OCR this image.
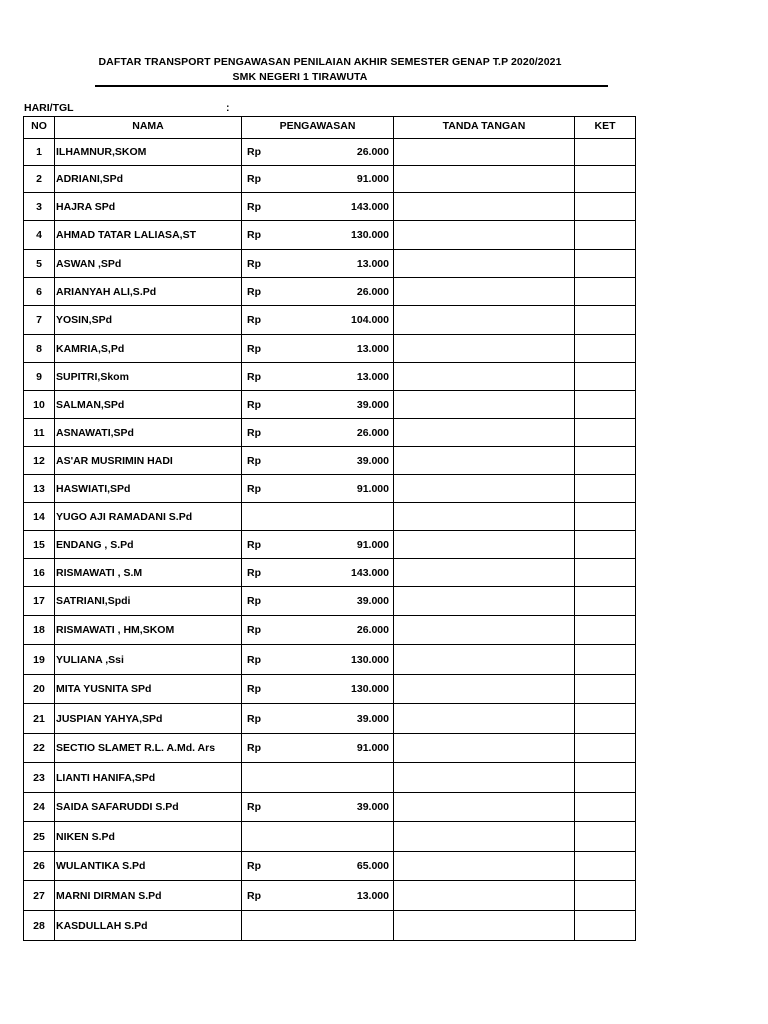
DAFTAR TRANSPORT PENGAWASAN PENILAIAN AKHIR SEMESTER GENAP T.P 2020/2021
SMK NEGERI 1 TIRAWUTA
HARI/TGL	:
NO	NAMA	PENGAWASAN	TANDA TANGAN	KET
1	ILHAMNUR,SKOM	Rp 26.000		

2	ADRIANI,SPd	Rp 91.000		

3	HAJRA SPd	Rp 143.000		

4	AHMAD TATAR LALIASA,ST	Rp 130.000		

5	ASWAN ,SPd	Rp 13.000		

6	ARIANYAH ALI,S.Pd	Rp 26.000		

7	YOSIN,SPd	Rp 104.000		

8	KAMRIA,S,Pd	Rp 13.000		

9	SUPITRI,Skom	Rp 13.000		

10	SALMAN,SPd	Rp 39.000		

11	ASNAWATI,SPd	Rp 26.000		

12	AS'AR MUSRIMIN HADI	Rp 39.000		

13	HASWIATI,SPd	Rp 91.000		

14	YUGO AJI RAMADANI S.Pd			
15	ENDANG , S.Pd	Rp 91.000		

16	RISMAWATI , S.M	Rp 143.000		

17	SATRIANI,Spdi	Rp 39.000		

18	RISMAWATI , HM,SKOM	Rp 26.000		

19	YULIANA ,Ssi	Rp 130.000		

20	MITA YUSNITA SPd	Rp 130.000		

21	JUSPIAN YAHYA,SPd	Rp 39.000		

22	SECTIO SLAMET R.L. A.Md. Ars	Rp 91.000		

23	LIANTI HANIFA,SPd			
24	SAIDA SAFARUDDI S.Pd	Rp 39.000		

25	NIKEN S.Pd			
26	WULANTIKA S.Pd	Rp 65.000		

27	MARNI DIRMAN S.Pd	Rp 13.000		

28	KASDULLAH S.Pd			
